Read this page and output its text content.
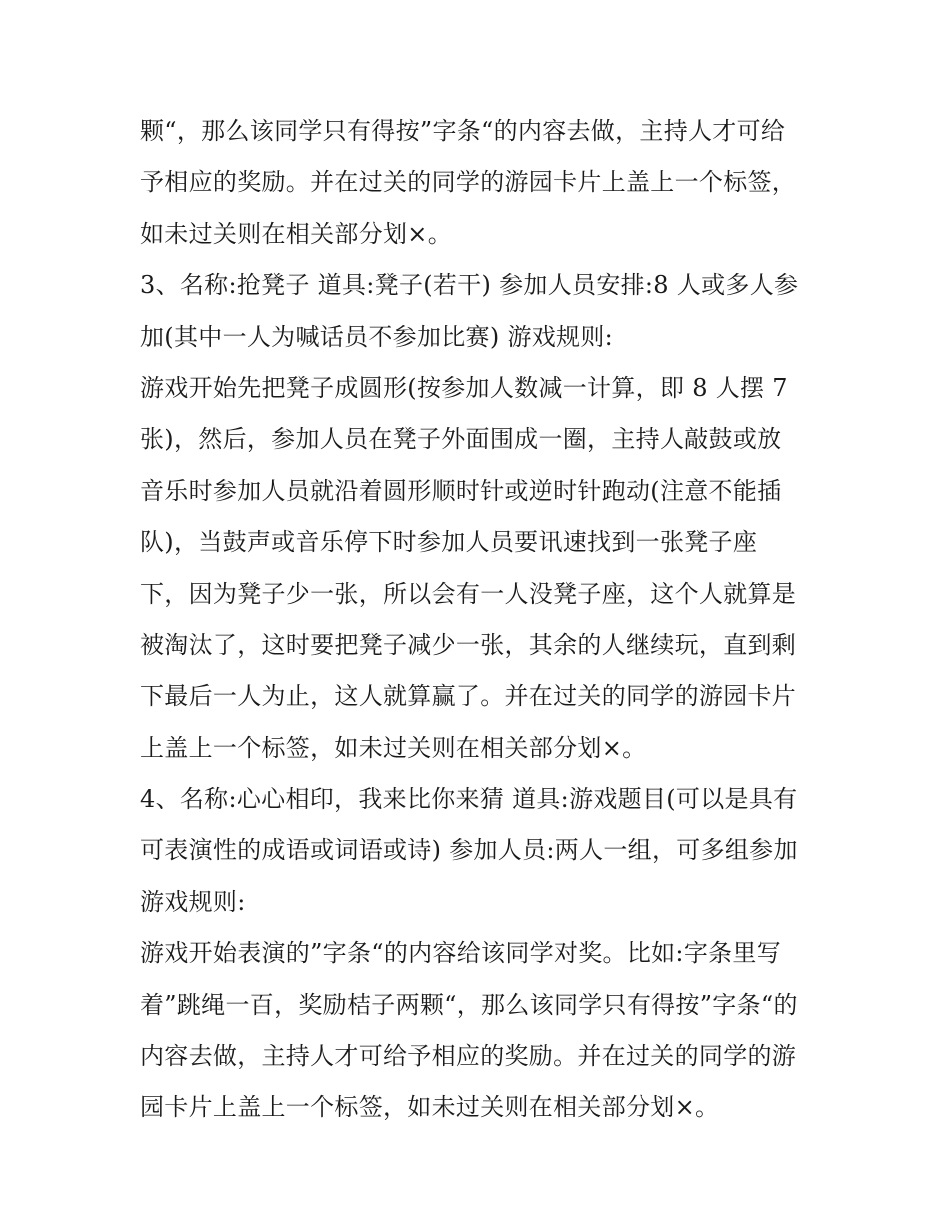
颗“，那么该同学只有得按”字条“的内容去做，主持人才可给
予相应的奖励。并在过关的同学的游园卡片上盖上一个标签，
如未过关则在相关部分划×。
3、名称:抢凳子 道具:凳子(若干) 参加人员安排:8 人或多人参
加(其中一人为喊话员不参加比赛) 游戏规则:
游戏开始先把凳子成圆形(按参加人数减一计算，即 8 人摆 7
张)，然后，参加人员在凳子外面围成一圈，主持人敲鼓或放
音乐时参加人员就沿着圆形顺时针或逆时针跑动(注意不能插
队)，当鼓声或音乐停下时参加人员要讯速找到一张凳子座
下，因为凳子少一张，所以会有一人没凳子座，这个人就算是
被淘汰了，这时要把凳子减少一张，其余的人继续玩，直到剩
下最后一人为止，这人就算赢了。并在过关的同学的游园卡片
上盖上一个标签，如未过关则在相关部分划×。
4、名称:心心相印，我来比你来猜 道具:游戏题目(可以是具有
可表演性的成语或词语或诗) 参加人员:两人一组，可多组参加
游戏规则:
游戏开始表演的”字条“的内容给该同学对奖。比如:字条里写
着”跳绳一百，奖励桔子两颗“，那么该同学只有得按”字条“的
内容去做，主持人才可给予相应的奖励。并在过关的同学的游
园卡片上盖上一个标签，如未过关则在相关部分划×。
